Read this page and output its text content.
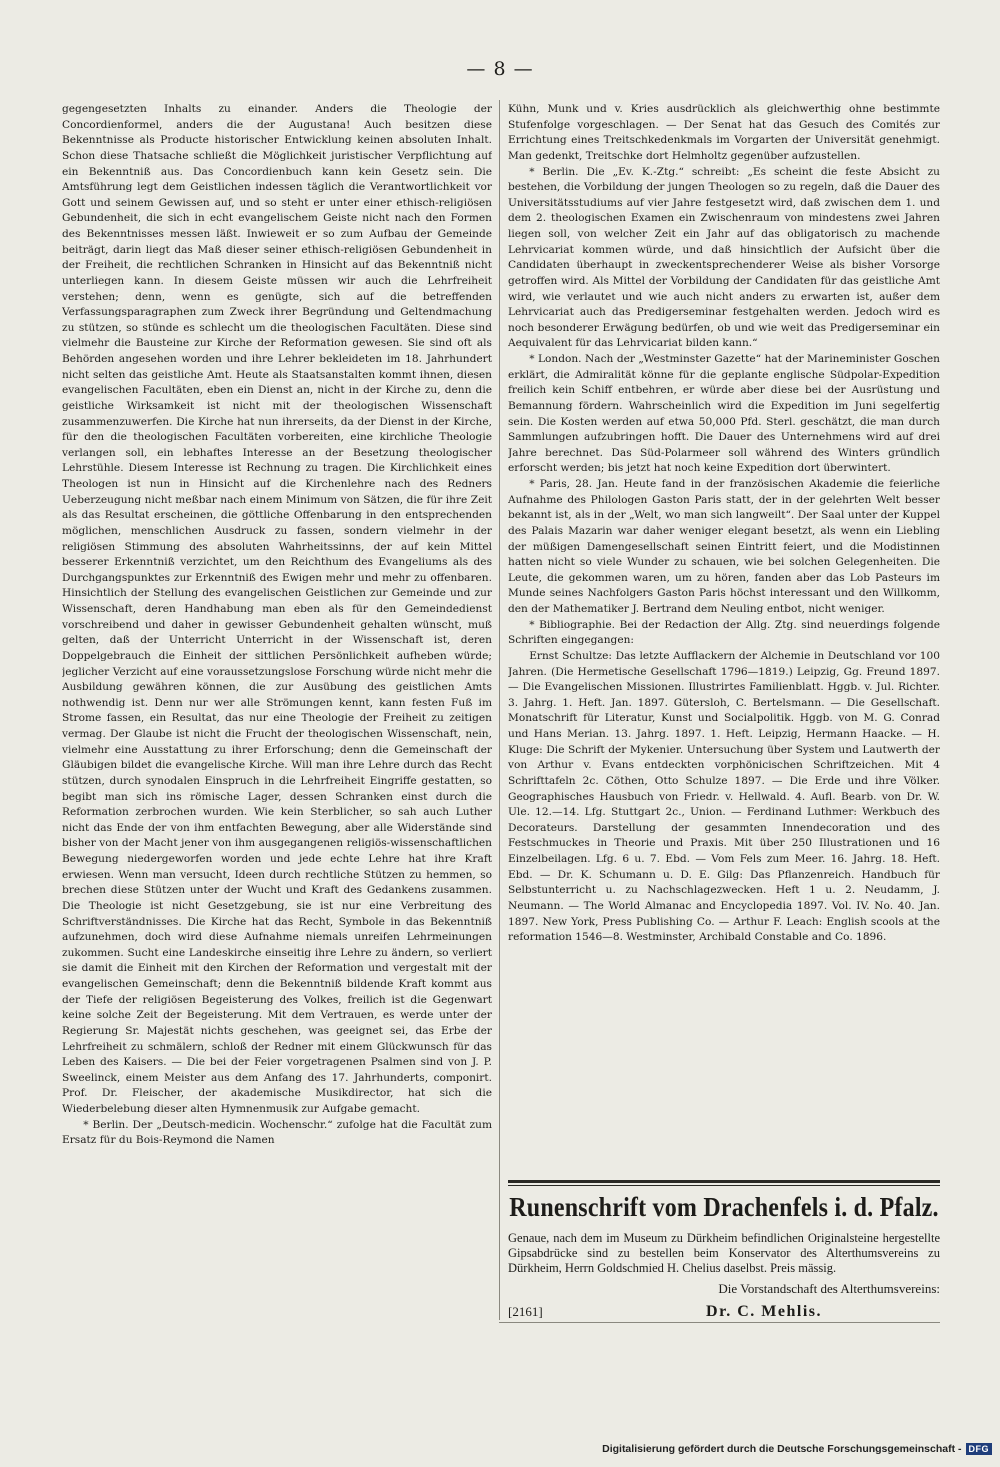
— 8 —

gegengesetzten Inhalts zu einander. Anders die Theologie der Concordienformel, anders die der Augustana! Auch besitzen diese Bekenntnisse als Producte historischer Entwicklung keinen absoluten Inhalt. Schon diese Thatsache schließt die Möglichkeit juristischer Verpflichtung auf ein Bekenntniß aus. Das Concordienbuch kann kein Gesetz sein. Die Amtsführung legt dem Geistlichen indessen täglich die Verantwortlichkeit vor Gott und seinem Gewissen auf, und so steht er unter einer ethisch-religiösen Gebundenheit, die sich in echt evangelischem Geiste nicht nach den Formen des Bekenntnisses messen läßt. Inwieweit er so zum Aufbau der Gemeinde beiträgt, darin liegt das Maß dieser seiner ethisch-religiösen Gebundenheit in der Freiheit, die rechtlichen Schranken in Hinsicht auf das Bekenntniß nicht unterliegen kann. In diesem Geiste müssen wir auch die Lehrfreiheit verstehen; denn, wenn es genügte, sich auf die betreffenden Verfassungsparagraphen zum Zweck ihrer Begründung und Geltendmachung zu stützen, so stünde es schlecht um die theologischen Facultäten. Diese sind vielmehr die Bausteine zur Kirche der Reformation gewesen. Sie sind oft als Behörden angesehen worden und ihre Lehrer bekleideten im 18. Jahrhundert nicht selten das geistliche Amt. Heute als Staatsanstalten kommt ihnen, diesen evangelischen Facultäten, eben ein Dienst an, nicht in der Kirche zu, denn die geistliche Wirksamkeit ist nicht mit der theologischen Wissenschaft zusammenzuwerfen. Die Kirche hat nun ihrerseits, da der Dienst in der Kirche, für den die theologischen Facultäten vorbereiten, eine kirchliche Theologie verlangen soll, ein lebhaftes Interesse an der Besetzung theologischer Lehrstühle. Diesem Interesse ist Rechnung zu tragen. Die Kirchlichkeit eines Theologen ist nun in Hinsicht auf die Kirchenlehre nach des Redners Ueberzeugung nicht meßbar nach einem Minimum von Sätzen, die für ihre Zeit als das Resultat erscheinen, die göttliche Offenbarung in den entsprechenden möglichen, menschlichen Ausdruck zu fassen, sondern vielmehr in der religiösen Stimmung des absoluten Wahrheitssinns, der auf kein Mittel besserer Erkenntniß verzichtet, um den Reichthum des Evangeliums als des Durchgangspunktes zur Erkenntniß des Ewigen mehr und mehr zu offenbaren. Hinsichtlich der Stellung des evangelischen Geistlichen zur Gemeinde und zur Wissenschaft, deren Handhabung man eben als für den Gemeindedienst vorschreibend und daher in gewisser Gebundenheit gehalten wünscht, muß gelten, daß der Unterricht Unterricht in der Wissenschaft ist, deren Doppelgebrauch die Einheit der sittlichen Persönlichkeit aufheben würde; jeglicher Verzicht auf eine voraussetzungslose Forschung würde nicht mehr die Ausbildung gewähren können, die zur Ausübung des geistlichen Amts nothwendig ist. Denn nur wer alle Strömungen kennt, kann festen Fuß im Strome fassen, ein Resultat, das nur eine Theologie der Freiheit zu zeitigen vermag. Der Glaube ist nicht die Frucht der theologischen Wissenschaft, nein, vielmehr eine Ausstattung zu ihrer Erforschung; denn die Gemeinschaft der Gläubigen bildet die evangelische Kirche. Will man ihre Lehre durch das Recht stützen, durch synodalen Einspruch in die Lehrfreiheit Eingriffe gestatten, so begibt man sich ins römische Lager, dessen Schranken einst durch die Reformation zerbrochen wurden. Wie kein Sterblicher, so sah auch Luther nicht das Ende der von ihm entfachten Bewegung, aber alle Widerstände sind bisher von der Macht jener von ihm ausgegangenen religiös-wissenschaftlichen Bewegung niedergeworfen worden und jede echte Lehre hat ihre Kraft erwiesen. Wenn man versucht, Ideen durch rechtliche Stützen zu hemmen, so brechen diese Stützen unter der Wucht und Kraft des Gedankens zusammen. Die Theologie ist nicht Gesetzgebung, sie ist nur eine Verbreitung des Schriftverständnisses. Die Kirche hat das Recht, Symbole in das Bekenntniß aufzunehmen, doch wird diese Aufnahme niemals unreifen Lehrmeinungen zukommen. Sucht eine Landeskirche einseitig ihre Lehre zu ändern, so verliert sie damit die Einheit mit den Kirchen der Reformation und vergestalt mit der evangelischen Gemeinschaft; denn die Bekenntniß bildende Kraft kommt aus der Tiefe der religiösen Begeisterung des Volkes, freilich ist die Gegenwart keine solche Zeit der Begeisterung. Mit dem Vertrauen, es werde unter der Regierung Sr. Majestät nichts geschehen, was geeignet sei, das Erbe der Lehrfreiheit zu schmälern, schloß der Redner mit einem Glückwunsch für das Leben des Kaisers. — Die bei der Feier vorgetragenen Psalmen sind von J. P. Sweelinck, einem Meister aus dem Anfang des 17. Jahrhunderts, componirt. Prof. Dr. Fleischer, der akademische Musikdirector, hat sich die Wiederbelebung dieser alten Hymnenmusik zur Aufgabe gemacht.

* Berlin. Der „Deutsch-medicin. Wochenschr.“ zufolge hat die Facultät zum Ersatz für du Bois-Reymond die Namen

Kühn, Munk und v. Kries ausdrücklich als gleichwerthig ohne bestimmte Stufenfolge vorgeschlagen. — Der Senat hat das Gesuch des Comités zur Errichtung eines Treitschkedenkmals im Vorgarten der Universität genehmigt. Man gedenkt, Treitschke dort Helmholtz gegenüber aufzustellen.

* Berlin. Die „Ev. K.-Ztg.“ schreibt: „Es scheint die feste Absicht zu bestehen, die Vorbildung der jungen Theologen so zu regeln, daß die Dauer des Universitätsstudiums auf vier Jahre festgesetzt wird, daß zwischen dem 1. und dem 2. theologischen Examen ein Zwischenraum von mindestens zwei Jahren liegen soll, von welcher Zeit ein Jahr auf das obligatorisch zu machende Lehrvicariat kommen würde, und daß hinsichtlich der Aufsicht über die Candidaten überhaupt in zweckentsprechenderer Weise als bisher Vorsorge getroffen wird. Als Mittel der Vorbildung der Candidaten für das geistliche Amt wird, wie verlautet und wie auch nicht anders zu erwarten ist, außer dem Lehrvicariat auch das Predigerseminar festgehalten werden. Jedoch wird es noch besonderer Erwägung bedürfen, ob und wie weit das Predigerseminar ein Aequivalent für das Lehrvicariat bilden kann.“

* London. Nach der „Westminster Gazette“ hat der Marineminister Goschen erklärt, die Admiralität könne für die geplante englische Südpolar-Expedition freilich kein Schiff entbehren, er würde aber diese bei der Ausrüstung und Bemannung fördern. Wahrscheinlich wird die Expedition im Juni segelfertig sein. Die Kosten werden auf etwa 50,000 Pfd. Sterl. geschätzt, die man durch Sammlungen aufzubringen hofft. Die Dauer des Unternehmens wird auf drei Jahre berechnet. Das Süd-Polarmeer soll während des Winters gründlich erforscht werden; bis jetzt hat noch keine Expedition dort überwintert.

* Paris, 28. Jan. Heute fand in der französischen Akademie die feierliche Aufnahme des Philologen Gaston Paris statt, der in der gelehrten Welt besser bekannt ist, als in der „Welt, wo man sich langweilt“. Der Saal unter der Kuppel des Palais Mazarin war daher weniger elegant besetzt, als wenn ein Liebling der müßigen Damengesellschaft seinen Eintritt feiert, und die Modistinnen hatten nicht so viele Wunder zu schauen, wie bei solchen Gelegenheiten. Die Leute, die gekommen waren, um zu hören, fanden aber das Lob Pasteurs im Munde seines Nachfolgers Gaston Paris höchst interessant und den Willkomm, den der Mathematiker J. Bertrand dem Neuling entbot, nicht weniger.

* Bibliographie. Bei der Redaction der Allg. Ztg. sind neuerdings folgende Schriften eingegangen:

Ernst Schultze: Das letzte Aufflackern der Alchemie in Deutschland vor 100 Jahren. (Die Hermetische Gesellschaft 1796—1819.) Leipzig, Gg. Freund 1897. — Die Evangelischen Missionen. Illustrirtes Familienblatt. Hggb. v. Jul. Richter. 3. Jahrg. 1. Heft. Jan. 1897. Gütersloh, C. Bertelsmann. — Die Gesellschaft. Monatschrift für Literatur, Kunst und Socialpolitik. Hggb. von M. G. Conrad und Hans Merian. 13. Jahrg. 1897. 1. Heft. Leipzig, Hermann Haacke. — H. Kluge: Die Schrift der Mykenier. Untersuchung über System und Lautwerth der von Arthur v. Evans entdeckten vorphönicischen Schriftzeichen. Mit 4 Schrifttafeln 2c. Cöthen, Otto Schulze 1897. — Die Erde und ihre Völker. Geographisches Hausbuch von Friedr. v. Hellwald. 4. Aufl. Bearb. von Dr. W. Ule. 12.—14. Lfg. Stuttgart 2c., Union. — Ferdinand Luthmer: Werkbuch des Decorateurs. Darstellung der gesammten Innendecoration und des Festschmuckes in Theorie und Praxis. Mit über 250 Illustrationen und 16 Einzelbeilagen. Lfg. 6 u. 7. Ebd. — Vom Fels zum Meer. 16. Jahrg. 18. Heft. Ebd. — Dr. K. Schumann u. D. E. Gilg: Das Pflanzenreich. Handbuch für Selbstunterricht u. zu Nachschlagezwecken. Heft 1 u. 2. Neudamm, J. Neumann. — The World Almanac and Encyclopedia 1897. Vol. IV. No. 40. Jan. 1897. New York, Press Publishing Co. — Arthur F. Leach: English scools at the reformation 1546—8. Westminster, Archibald Constable and Co. 1896.

Runenschrift vom Drachenfels i. d. Pfalz.
Genaue, nach dem im Museum zu Dürkheim befindlichen Originalsteine hergestellte Gipsabdrücke sind zu bestellen beim Konservator des Alterthumsvereins zu Dürkheim, Herrn Goldschmied H. Chelius daselbst. Preis mässig.
Die Vorstandschaft des Alterthumsvereins:
[2161]	Dr. C. Mehlis.
Digitalisierung gefördert durch die Deutsche Forschungsgemeinschaft - DFG
